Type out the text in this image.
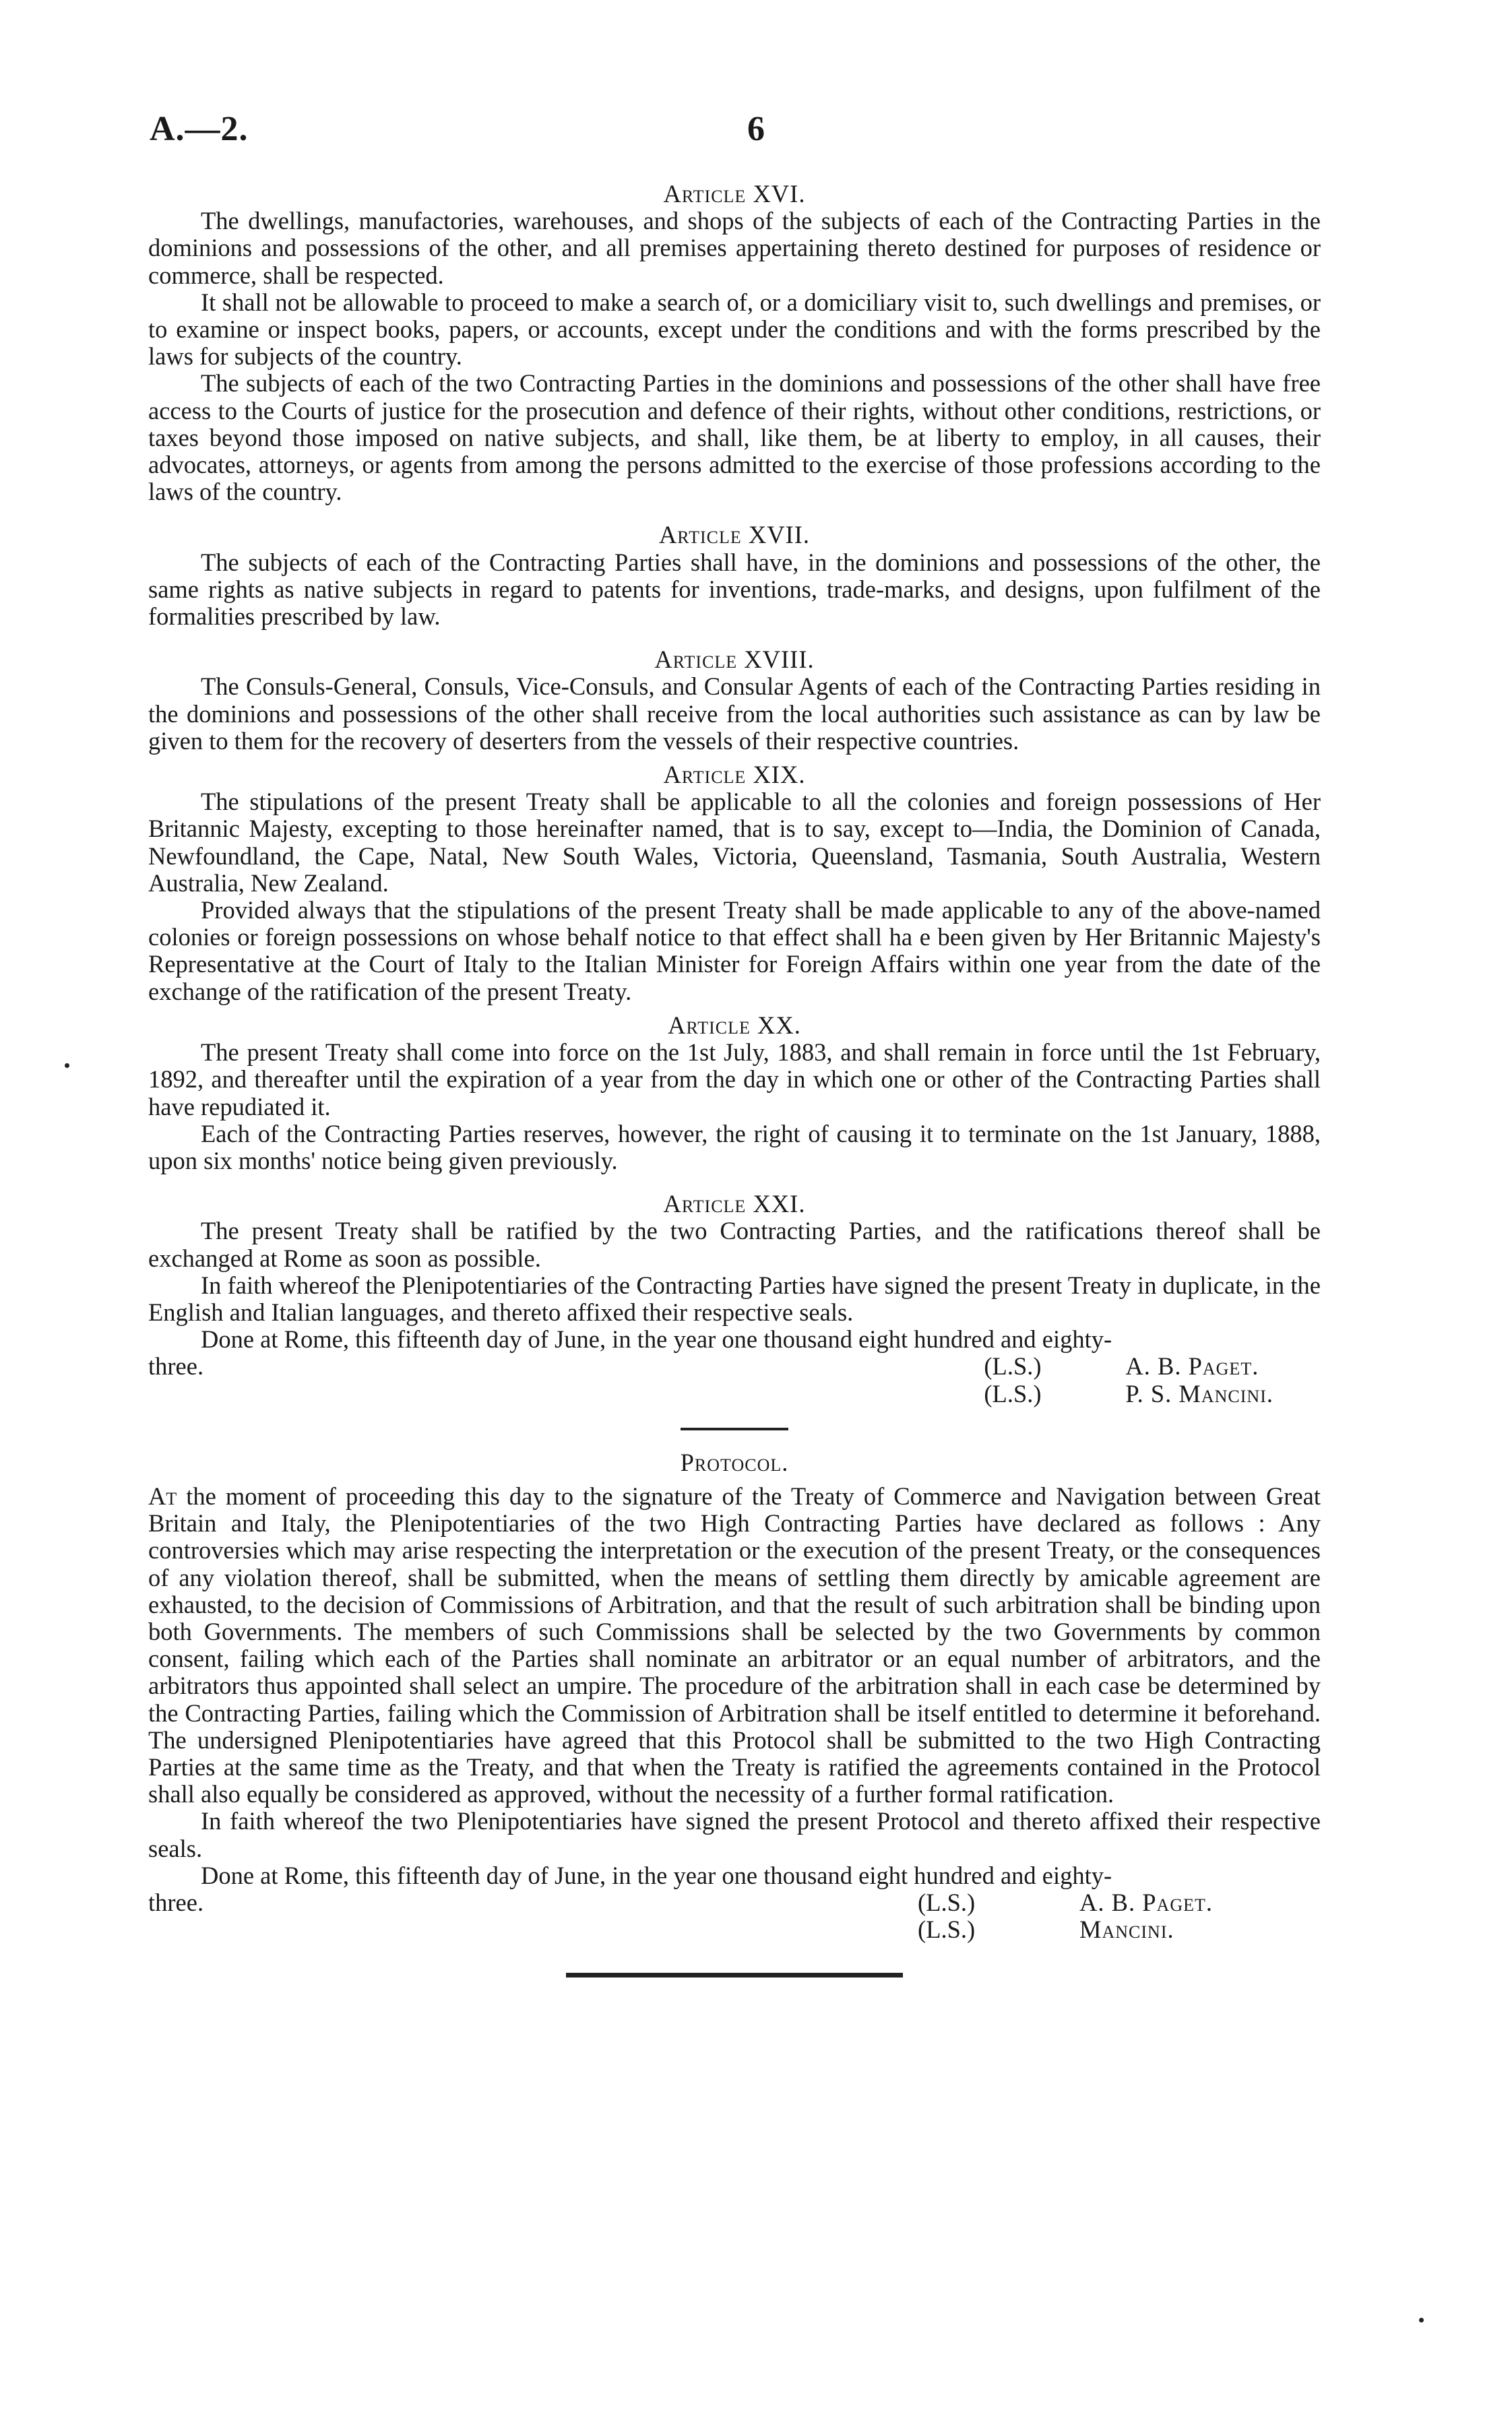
A.—2.	6
Article XVI.

The dwellings, manufactories, warehouses, and shops of the subjects of each of the Contracting Parties in the dominions and possessions of the other, and all premises appertaining thereto destined for purposes of residence or commerce, shall be respected.

It shall not be allowable to proceed to make a search of, or a domiciliary visit to, such dwellings and premises, or to examine or inspect books, papers, or accounts, except under the conditions and with the forms prescribed by the laws for subjects of the country.

The subjects of each of the two Contracting Parties in the dominions and possessions of the other shall have free access to the Courts of justice for the prosecution and defence of their rights, without other conditions, restrictions, or taxes beyond those imposed on native subjects, and shall, like them, be at liberty to employ, in all causes, their advocates, attorneys, or agents from among the persons admitted to the exercise of those professions according to the laws of the country.

Article XVII.

The subjects of each of the Contracting Parties shall have, in the dominions and possessions of the other, the same rights as native subjects in regard to patents for inventions, trade-marks, and designs, upon fulfilment of the formalities prescribed by law.

Article XVIII.

The Consuls-General, Consuls, Vice-Consuls, and Consular Agents of each of the Contracting Parties residing in the dominions and possessions of the other shall receive from the local authorities such assistance as can by law be given to them for the recovery of deserters from the vessels of their respective countries.

Article XIX.

The stipulations of the present Treaty shall be applicable to all the colonies and foreign possessions of Her Britannic Majesty, excepting to those hereinafter named, that is to say, except to—India, the Dominion of Canada, Newfoundland, the Cape, Natal, New South Wales, Victoria, Queensland, Tasmania, South Australia, Western Australia, New Zealand.

Provided always that the stipulations of the present Treaty shall be made applicable to any of the above-named colonies or foreign possessions on whose behalf notice to that effect shall ha e been given by Her Britannic Majesty's Representative at the Court of Italy to the Italian Minister for Foreign Affairs within one year from the date of the exchange of the ratification of the present Treaty.

Article XX.

The present Treaty shall come into force on the 1st July, 1883, and shall remain in force until the 1st February, 1892, and thereafter until the expiration of a year from the day in which one or other of the Contracting Parties shall have repudiated it.

Each of the Contracting Parties reserves, however, the right of causing it to terminate on the 1st January, 1888, upon six months' notice being given previously.

Article XXI.

The present Treaty shall be ratified by the two Contracting Parties, and the ratifications thereof shall be exchanged at Rome as soon as possible.

In faith whereof the Plenipotentiaries of the Contracting Parties have signed the present Treaty in duplicate, in the English and Italian languages, and thereto affixed their respective seals.

Done at Rome, this fifteenth day of June, in the year one thousand eight hundred and eighty-

three.	(L.S.)	A. B. Paget.
(L.S.)	P. S. Mancini.
Protocol.

At the moment of proceeding this day to the signature of the Treaty of Commerce and Navigation between Great Britain and Italy, the Plenipotentiaries of the two High Contracting Parties have declared as follows : Any controversies which may arise respecting the interpretation or the execution of the present Treaty, or the consequences of any violation thereof, shall be submitted, when the means of settling them directly by amicable agreement are exhausted, to the decision of Commissions of Arbitration, and that the result of such arbitration shall be binding upon both Governments. The members of such Commissions shall be selected by the two Governments by common consent, failing which each of the Parties shall nominate an arbitrator or an equal number of arbitrators, and the arbitrators thus appointed shall select an umpire. The procedure of the arbitration shall in each case be determined by the Contracting Parties, failing which the Commission of Arbitration shall be itself entitled to determine it beforehand. The undersigned Plenipotentiaries have agreed that this Protocol shall be submitted to the two High Contracting Parties at the same time as the Treaty, and that when the Treaty is ratified the agreements contained in the Protocol shall also equally be considered as approved, without the necessity of a further formal ratification.

In faith whereof the two Plenipotentiaries have signed the present Protocol and thereto affixed their respective seals.

Done at Rome, this fifteenth day of June, in the year one thousand eight hundred and eighty-

three.	(L.S.)	A. B. Paget.
(L.S.)	Mancini.
